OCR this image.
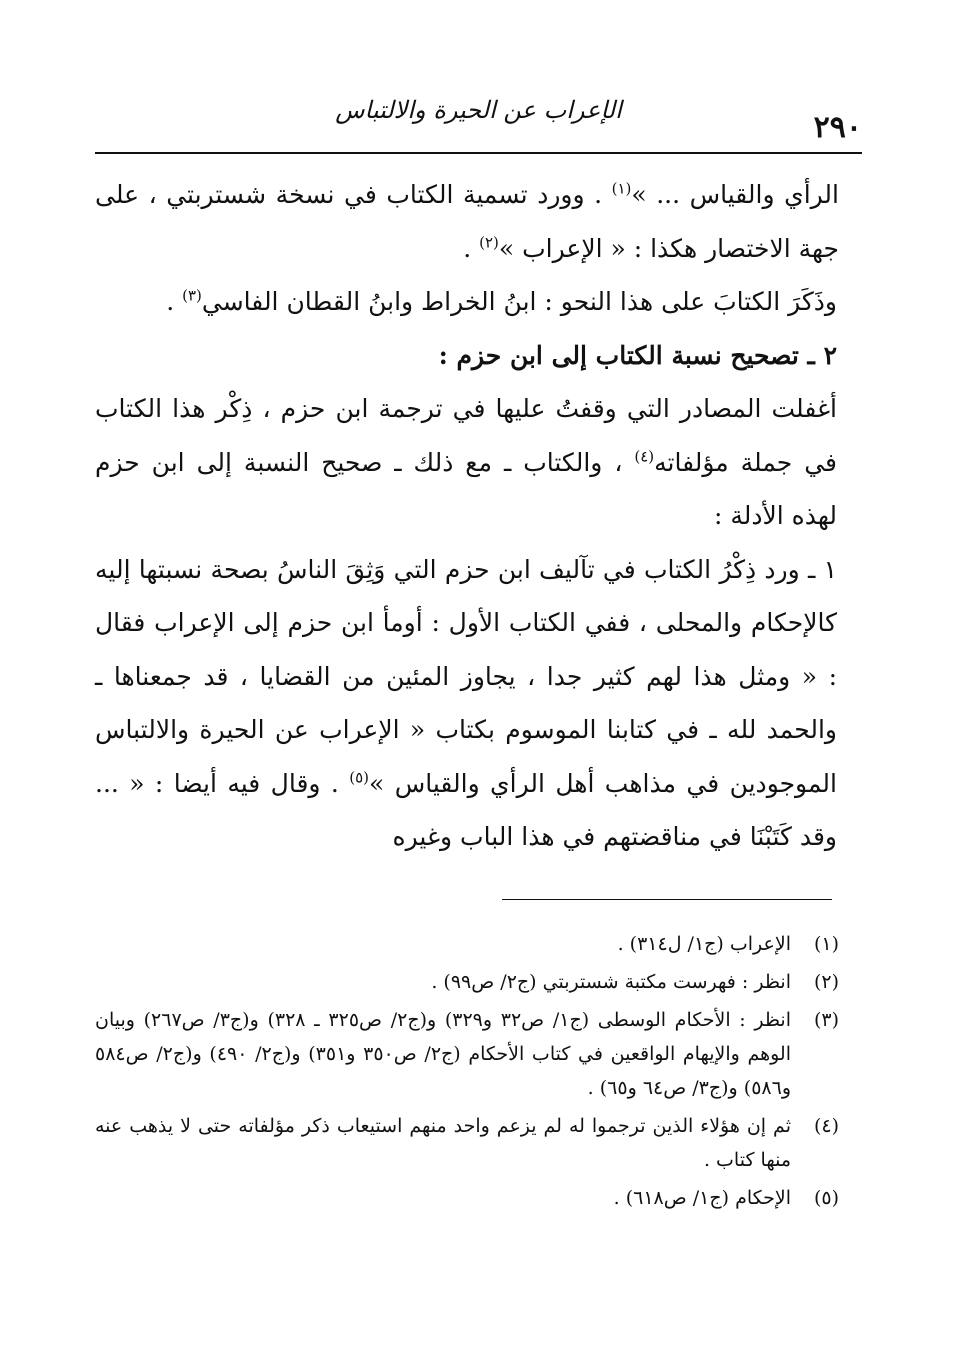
٢٩٠
الإعراب عن الحيرة والالتباس

الرأي والقياس ... »$^{(١)}$ . وورد تسمية الكتاب في نسخة شستربتي ، على جهة الاختصار هكذا : « الإعراب »$^{(٢)}$ .

وذَكَرَ الكتابَ على هذا النحو : ابنُ الخراط وابنُ القطان الفاسي$^{(٣)}$ .

٢ ـ تصحيح نسبة الكتاب إلى ابن حزم :

أغفلت المصادر التي وقفتُ عليها في ترجمة ابن حزم ، ذِكْر هذا الكتاب في جملة مؤلفاته$^{(٤)}$ ، والكتاب ـ مع ذلك ـ صحيح النسبة إلى ابن حزم لهذه الأدلة :

١ ـ ورد ذِكْرُ الكتاب في تآليف ابن حزم التي وَثِقَ الناسُ بصحة نسبتها إليه كالإحكام والمحلى ، ففي الكتاب الأول : أومأ ابن حزم إلى الإعراب فقال : « ومثل هذا لهم كثير جدا ، يجاوز المئين من القضايا ، قد جمعناها ـ والحمد لله ـ في كتابنا الموسوم بكتاب « الإعراب عن الحيرة والالتباس الموجودين في مذاهب أهل الرأي والقياس »$^{(٥)}$ . وقال فيه أيضا : « ... وقد كَتَبْنَا في مناقضتهم في هذا الباب وغيره

(١)
الإعراب (ج١/ ل٣١٤) .
(٢)
انظر : فهرست مكتبة شستربتي (ج٢/ ص٩٩) .
(٣)
انظر : الأحكام الوسطى (ج١/ ص٣٢ و٣٢٩) و(ج٢/ ص٣٢٥ ـ ٣٢٨) و(ج٣/ ص٢٦٧) وبيان الوهم والإيهام الواقعين في كتاب الأحكام (ج٢/ ص٣٥٠ و٣٥١) و(ج٢/ ٤٩٠) و(ج٢/ ص٥٨٤ و٥٨٦) و(ج٣/ ص٦٤ و٦٥) .
(٤)
ثم إن هؤلاء الذين ترجموا له لم يزعم واحد منهم استيعاب ذكر مؤلفاته حتى لا يذهب عنه منها كتاب .
(٥)
الإحكام (ج١/ ص٦١٨) .
